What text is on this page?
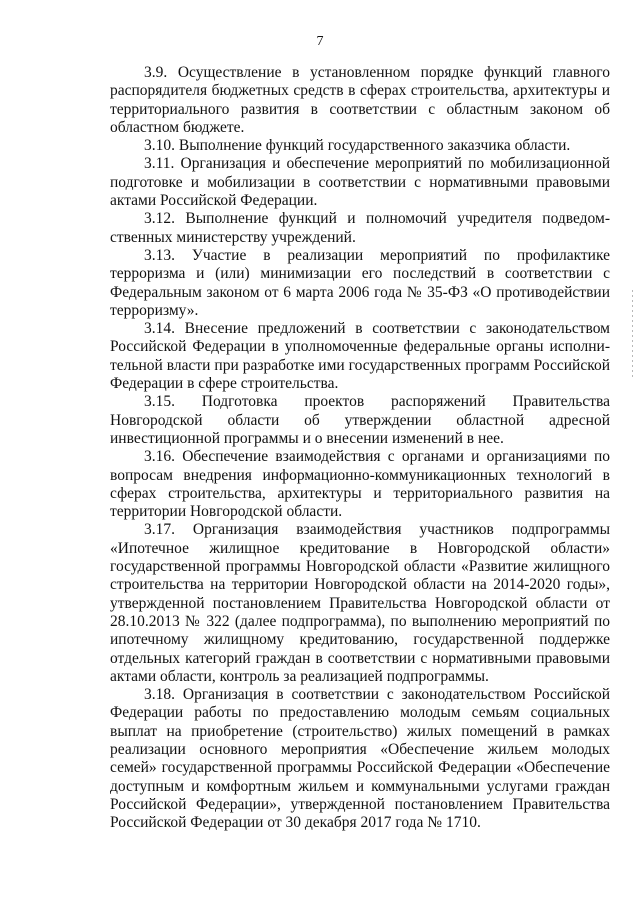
7

3.9. Осуществление в установленном порядке функций главного распорядителя бюджетных средств в сферах строительства, архитектуры и территориального развития в соответствии с областным законом об областном бюджете.

3.10. Выполнение функций государственного заказчика области.

3.11. Организация и обеспечение мероприятий по мобилизационной подготовке и мобилизации в соответствии с нормативными правовыми актами Российской Федерации.

3.12. Выполнение функций и полномочий учредителя подведомственных министерству учреждений.

3.13. Участие в реализации мероприятий по профилактике терроризма и (или) минимизации его последствий в соответствии с Федеральным законом от 6 марта 2006 года № 35-ФЗ «О противодействии терроризму».

3.14. Внесение предложений в соответствии с законодательством Российской Федерации в уполномоченные федеральные органы исполнительной власти при разработке ими государственных программ Российской Федерации в сфере строительства.

3.15. Подготовка проектов распоряжений Правительства Новгородской области об утверждении областной адресной инвестиционной программы и о внесении изменений в нее.

3.16. Обеспечение взаимодействия с органами и организациями по вопросам внедрения информационно-коммуникационных технологий в сферах строительства, архитектуры и территориального развития на территории Новгородской области.

3.17. Организация взаимодействия участников подпрограммы «Ипотечное жилищное кредитование в Новгородской области» государственной программы Новгородской области «Развитие жилищного строительства на территории Новгородской области на 2014-2020 годы», утвержденной постановлением Правительства Новгородской области от 28.10.2013 № 322 (далее подпрограмма), по выполнению мероприятий по ипотечному жилищному кредитованию, государственной поддержке отдельных категорий граждан в соответствии с нормативными правовыми актами области, контроль за реализацией подпрограммы.

3.18. Организация в соответствии с законодательством Российской Федерации работы по предоставлению молодым семьям социальных выплат на приобретение (строительство) жилых помещений в рамках реализации основного мероприятия «Обеспечение жильем молодых семей» государственной программы Российской Федерации «Обеспечение доступным и комфортным жильем и коммунальными услугами граждан Российской Федерации», утвержденной постановлением Правительства Российской Федерации от 30 декабря 2017 года № 1710.
